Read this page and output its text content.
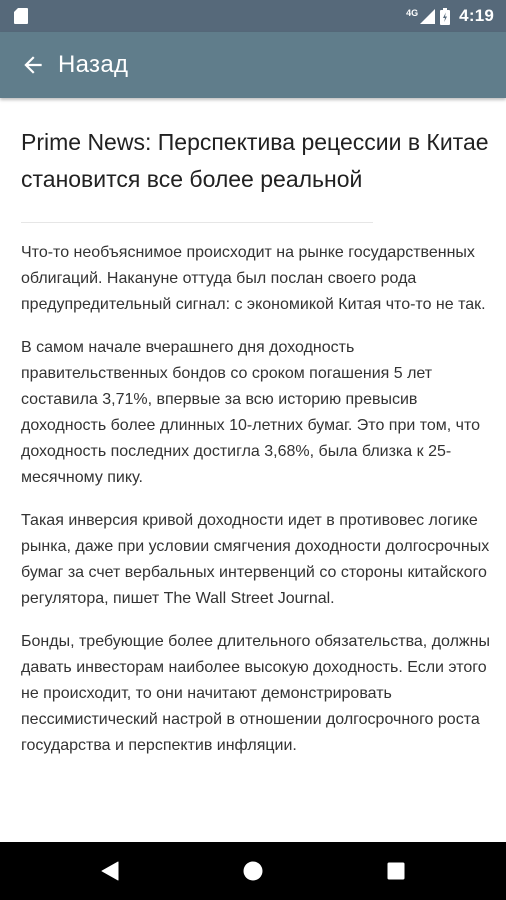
4G 4:19
Назад
Prime News: Перспектива рецессии в Китае становится все более реальной

Что-то необъяснимое происходит на рынке государственных облигаций. Накануне оттуда был послан своего рода предупредительный сигнал: с экономикой Китая что-то не так.

В самом начале вчерашнего дня доходность правительственных бондов со сроком погашения 5 лет составила 3,71%, впервые за всю историю превысив доходность более длинных 10-летних бумаг. Это при том, что доходность последних достигла 3,68%, была близка к 25-месячному пику.

Такая инверсия кривой доходности идет в противовес логике рынка, даже при условии смягчения доходности долгосрочных бумаг за счет вербальных интервенций со стороны китайского регулятора, пишет The Wall Street Journal.

Бонды, требующие более длительного обязательства, должны давать инвесторам наиболее высокую доходность. Если этого не происходит, то они начитают демонстрировать пессимистический настрой в отношении долгосрочного роста государства и перспектив инфляции.
